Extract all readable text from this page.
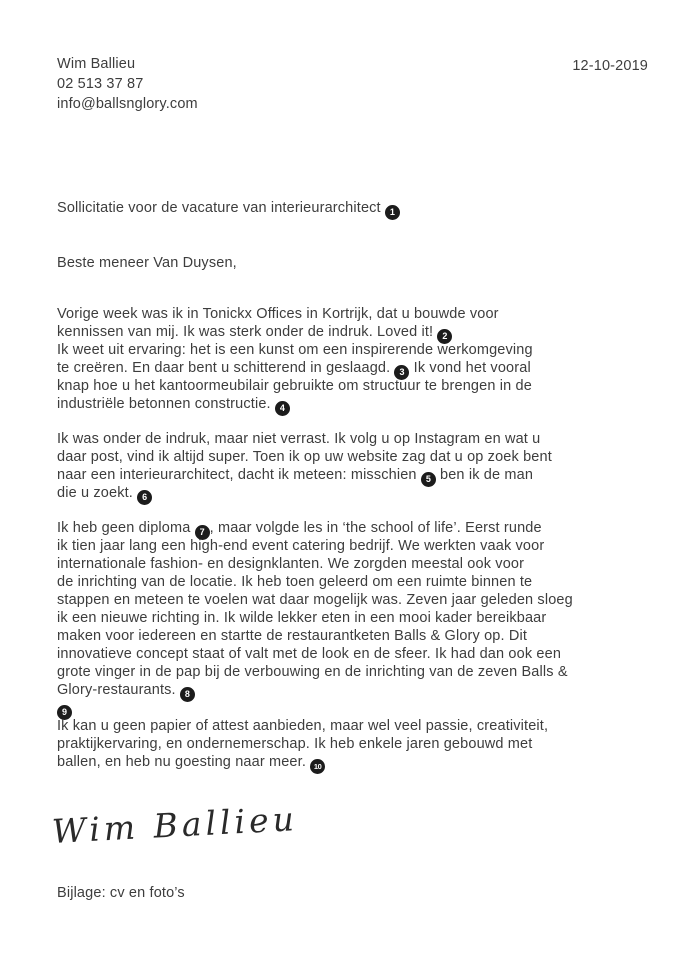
Wim Ballieu
02 513 37 87
info@ballsnglory.com
12-10-2019
Sollicitatie voor de vacature van interieurarchitect 1
Beste meneer Van Duysen,
Vorige week was ik in Tonickx Offices in Kortrijk, dat u bouwde voor
kennissen van mij. Ik was sterk onder de indruk. Loved it! 2
Ik weet uit ervaring: het is een kunst om een inspirerende werkomgeving
te creëren. En daar bent u schitterend in geslaagd. 3 Ik vond het vooral
knap hoe u het kantoormeubilair gebruikte om structuur te brengen in de
industriële betonnen constructie. 4
Ik was onder de indruk, maar niet verrast. Ik volg u op Instagram en wat u
daar post, vind ik altijd super. Toen ik op uw website zag dat u op zoek bent
naar een interieurarchitect, dacht ik meteen: misschien 5 ben ik de man
die u zoekt. 6
Ik heb geen diploma 7 , maar volgde les in ‘the school of life’. Eerst runde
ik tien jaar lang een high-end event catering bedrijf. We werkten vaak voor
internationale fashion- en designklanten. We zorgden meestal ook voor
de inrichting van de locatie. Ik heb toen geleerd om een ruimte binnen te
stappen en meteen te voelen wat daar mogelijk was. Zeven jaar geleden sloeg
ik een nieuwe richting in. Ik wilde lekker eten in een mooi kader bereikbaar
maken voor iedereen en startte de restaurantketen Balls & Glory op. Dit
innovatieve concept staat of valt met de look en de sfeer. Ik had dan ook een
grote vinger in de pap bij de verbouwing en de inrichting van de zeven Balls &
Glory-restaurants. 8
9
Ik kan u geen papier of attest aanbieden, maar wel veel passie, creativiteit,
praktijkervaring, en ondernemerschap. Ik heb enkele jaren gebouwd met
ballen, en heb nu goesting naar meer. 10
Wim Ballieu
Bijlage: cv en foto’s
